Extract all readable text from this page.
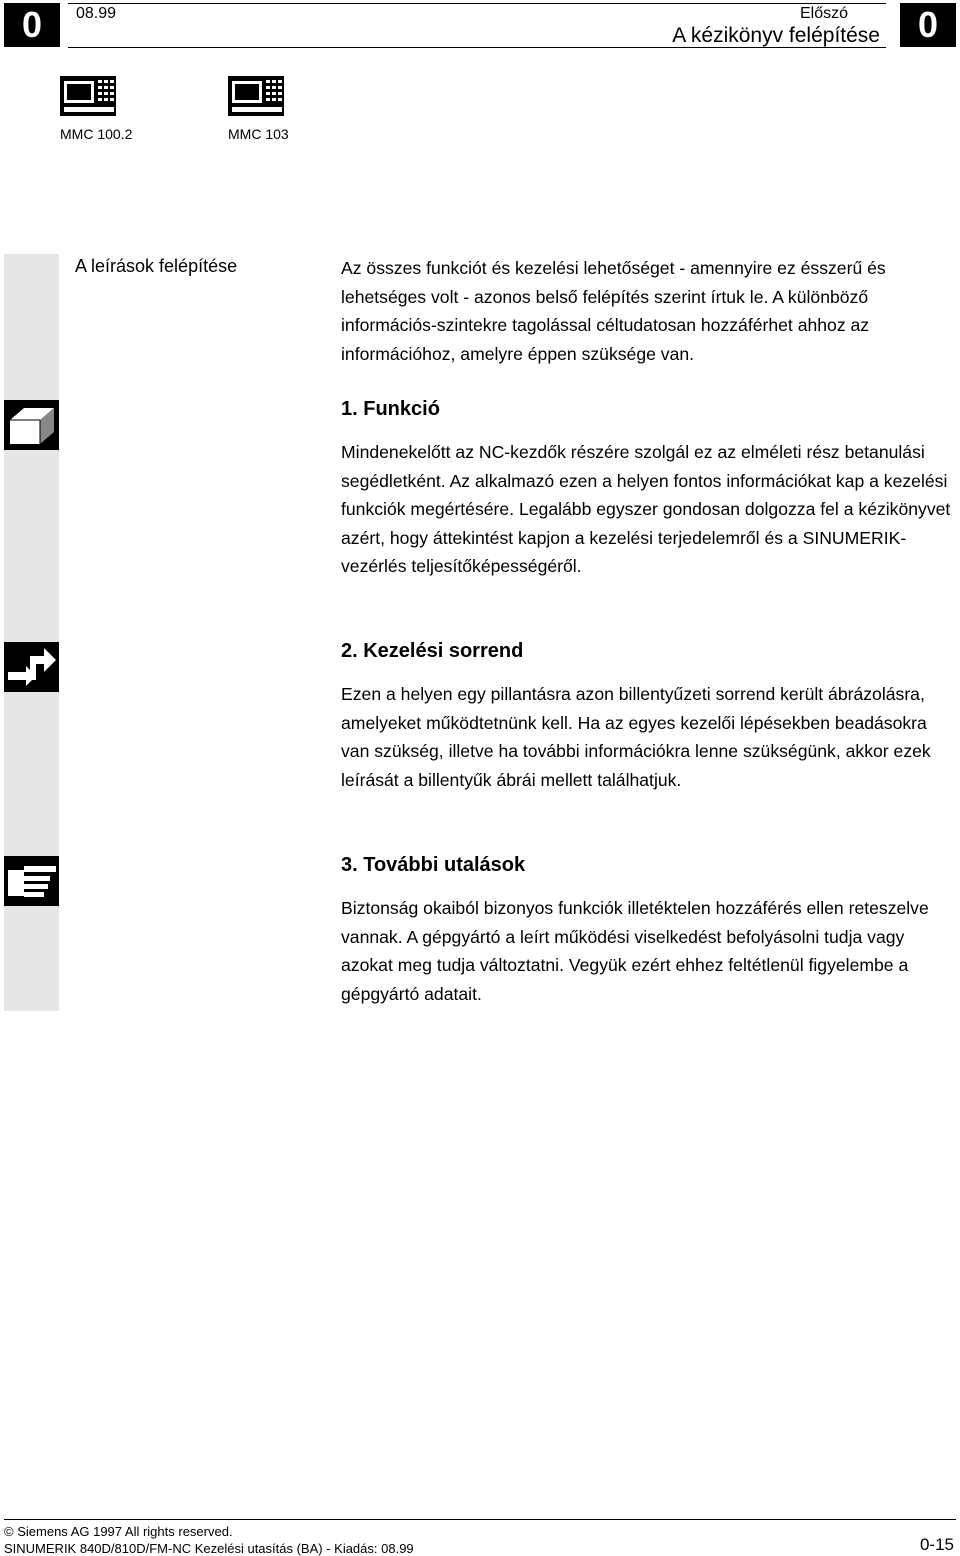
0	0
08.99	Előszó
A kézikönyv felépítése
MMC 100.2	MMC 103
A leírások felépítése	Az összes funkciót és kezelési lehetőséget - amennyire ez ésszerű és lehetséges volt - azonos belső felépítés szerint írtuk le. A különböző információs-szintekre tagolással céltudatosan hozzáférhet ahhoz az információhoz, amelyre éppen szüksége van.
1. Funkció
Mindenekelőtt az NC-kezdők részére szolgál ez az elméleti rész betanulási segédletként. Az alkalmazó ezen a helyen fontos információkat kap a kezelési funkciók megértésére. Legalább egyszer gondosan dolgozza fel a kézikönyvet azért, hogy áttekintést kapjon a kezelési terjedelemről és a SINUMERIK-vezérlés teljesítőképességéről.
2. Kezelési sorrend
Ezen a helyen egy pillantásra azon billentyűzeti sorrend került ábrázolásra, amelyeket működtetnünk kell. Ha az egyes kezelői lépésekben beadásokra van szükség, illetve ha további információkra lenne szükségünk, akkor ezek leírását a billentyűk ábrái mellett találhatjuk.
3. További utalások
Biztonság okaiból bizonyos funkciók illetéktelen hozzáférés ellen reteszelve vannak. A gépgyártó a leírt működési viselkedést befolyásolni tudja vagy azokat meg tudja változtatni. Vegyük ezért ehhez feltétlenül figyelembe a gépgyártó adatait.
© Siemens AG 1997 All rights reserved.
SINUMERIK 840D/810D/FM-NC Kezelési utasítás (BA) - Kiadás: 08.99	0-15
